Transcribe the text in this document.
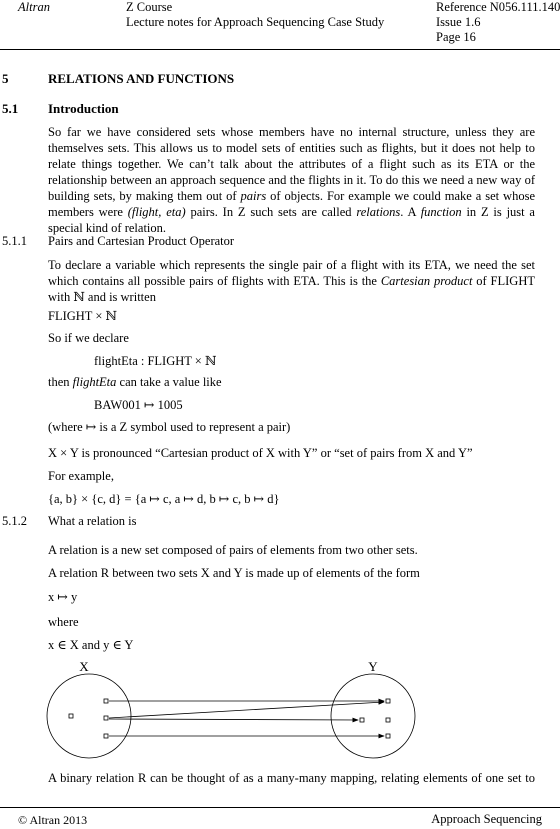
Altran	Z Course
Lecture notes for Approach Sequencing Case Study
Reference N056.111.140
Issue 1.6
Page 16
5	RELATIONS AND FUNCTIONS
5.1 Introduction
So far we have considered sets whose members have no internal structure, unless they are
themselves sets. This allows us to model sets of entities such as flights, but it does not help to
relate things together. We can’t talk about the attributes of a flight such as its ETA or the
relationship between an approach sequence and the flights in it. To do this we need a new way of
building sets, by making them out of pairs of objects. For example we could make a set whose
members were (flight, eta) pairs. In Z such sets are called relations. A function in Z is just a
special kind of relation.
5.1.1 Pairs and Cartesian Product Operator
To declare a variable which represents the single pair of a flight with its ETA, we need the set
which contains all possible pairs of flights with ETA. This is the Cartesian product of FLIGHT
with ℕ and is written
FLIGHT × ℕ
So if we declare
flightEta : FLIGHT × ℕ
then flightEta can take a value like
BAW001 ↦ 1005
(where ↦ is a Z symbol used to represent a pair)
X × Y is pronounced “Cartesian product of X with Y” or “set of pairs from X and Y”
For example,
{a, b} × {c, d} = {a ↦ c, a ↦ d, b ↦ c, b ↦ d}
5.1.2 What a relation is
A relation is a new set composed of pairs of elements from two other sets.
A relation R between two sets X and Y is made up of elements of the form
x ↦ y
where
x ∈ X and y ∈ Y
X	Y
A binary relation R can be thought of as a many-many mapping, relating elements of one set to
© Altran 2013	Approach Sequencing
